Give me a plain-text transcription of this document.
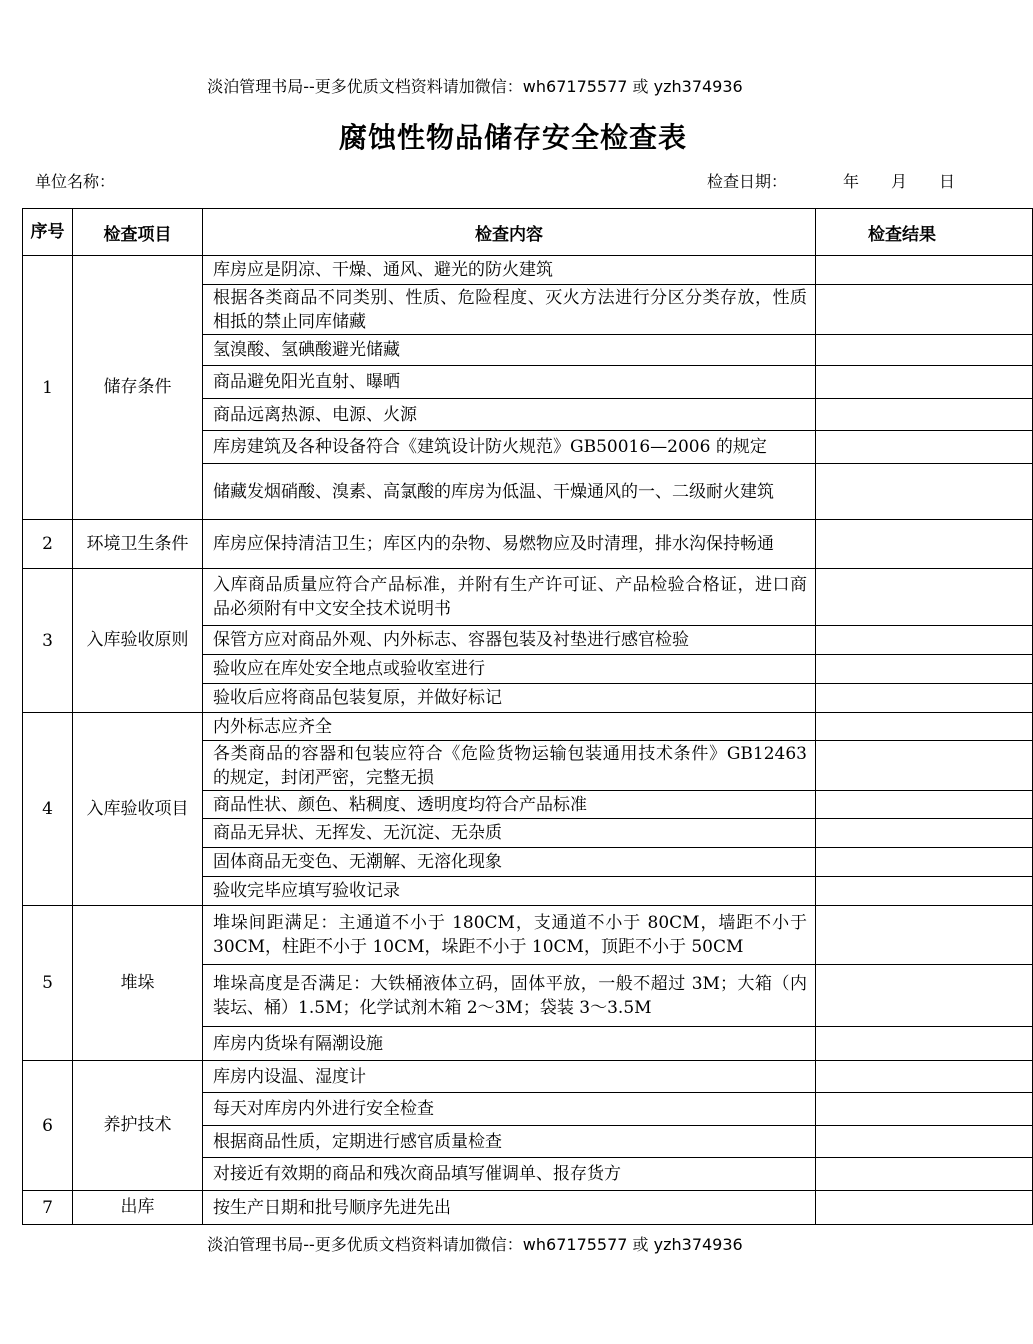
淡泊管理书局--更多优质文档资料请加微信：wh67175577 或 yzh374936
腐蚀性物品储存安全检查表
单位名称：	检查日期：	年 月 日
序号	检查项目	检查内容	检查结果
1	储存条件	库房应是阴凉、干燥、通风、避光的防火建筑	
		根据各类商品不同类别、性质、危险程度、灭火方法进行分区分类存放，性质相抵的禁止同库储藏	
		氢溴酸、氢碘酸避光储藏	
		商品避免阳光直射、曝晒	
		商品远离热源、电源、火源	
		库房建筑及各种设备符合《建筑设计防火规范》GB50016—2006 的规定	
		储藏发烟硝酸、溴素、高氯酸的库房为低温、干燥通风的一、二级耐火建筑	
2	环境卫生条件	库房应保持清洁卫生；库区内的杂物、易燃物应及时清理，排水沟保持畅通	
3	入库验收原则	入库商品质量应符合产品标准，并附有生产许可证、产品检验合格证，进口商品必须附有中文安全技术说明书	
		保管方应对商品外观、内外标志、容器包装及衬垫进行感官检验	
		验收应在库处安全地点或验收室进行	
		验收后应将商品包装复原，并做好标记	
4	入库验收项目	内外标志应齐全	
		各类商品的容器和包装应符合《危险货物运输包装通用技术条件》GB12463 的规定，封闭严密，完整无损	
		商品性状、颜色、粘稠度、透明度均符合产品标准	
		商品无异状、无挥发、无沉淀、无杂质	
		固体商品无变色、无潮解、无溶化现象	
		验收完毕应填写验收记录	
5	堆垛	堆垛间距满足：主通道不小于 180CM，支通道不小于 80CM，墙距不小于 30CM，柱距不小于 10CM，垛距不小于 10CM，顶距不小于 50CM	
		堆垛高度是否满足：大铁桶液体立码，固体平放，一般不超过 3M；大箱（内装坛、桶）1.5M；化学试剂木箱 2～3M；袋装 3～3.5M	
		库房内货垛有隔潮设施	
6	养护技术	库房内设温、湿度计	
		每天对库房内外进行安全检查	
		根据商品性质，定期进行感官质量检查	
		对接近有效期的商品和残次商品填写催调单、报存货方	
7	出库	按生产日期和批号顺序先进先出	
淡泊管理书局--更多优质文档资料请加微信：wh67175577 或 yzh374936
